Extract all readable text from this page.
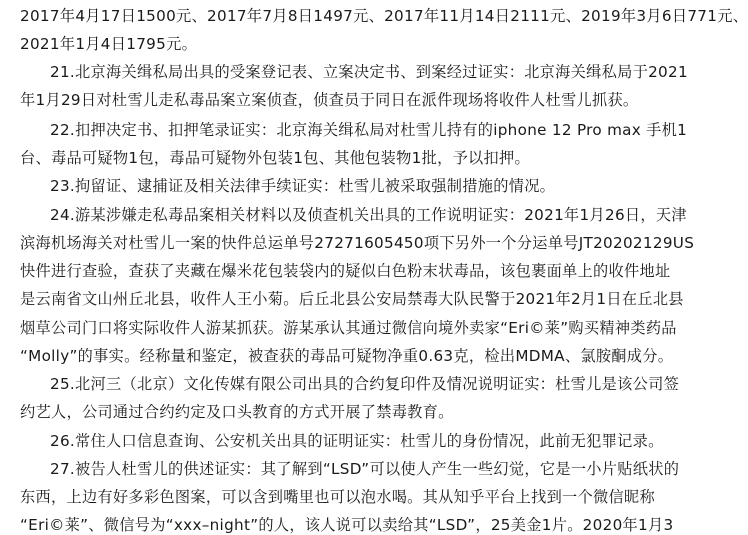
2017年4月17日1500元、2017年7月8日1497元、2017年11月14日2111元、2019年3月6日771元、
2021年1月4日1795元。
21.北京海关缉私局出具的受案登记表、立案决定书、到案经过证实：北京海关缉私局于2021
年1月29日对杜雪儿走私毒品案立案侦查，侦查员于同日在派件现场将收件人杜雪儿抓获。
22.扣押决定书、扣押笔录证实：北京海关缉私局对杜雪儿持有的iphone 12 Pro max 手机1
台、毒品可疑物1包，毒品可疑物外包装1包、其他包装物1批，予以扣押。
23.拘留证、逮捕证及相关法律手续证实：杜雪儿被采取强制措施的情况。
24.游某涉嫌走私毒品案相关材料以及侦查机关出具的工作说明证实：2021年1月26日，天津
滨海机场海关对杜雪儿一案的快件总运单号27271605450项下另外一个分运单号JT20202129US
快件进行查验，查获了夹藏在爆米花包装袋内的疑似白色粉末状毒品，该包裹面单上的收件地址
是云南省文山州丘北县，收件人王小菊。后丘北县公安局禁毒大队民警于2021年2月1日在丘北县
烟草公司门口将实际收件人游某抓获。游某承认其通过微信向境外卖家“Eri©莱”购买精神类药品
“Molly”的事实。经称量和鉴定，被查获的毒品可疑物净重0.63克，检出MDMA、氯胺酮成分。
25.北河三（北京）文化传媒有限公司出具的合约复印件及情况说明证实：杜雪儿是该公司签
约艺人，公司通过合约约定及口头教育的方式开展了禁毒教育。
26.常住人口信息查询、公安机关出具的证明证实：杜雪儿的身份情况，此前无犯罪记录。
27.被告人杜雪儿的供述证实：其了解到“LSD”可以使人产生一些幻觉，它是一小片贴纸状的
东西，上边有好多彩色图案，可以含到嘴里也可以泡水喝。其从知乎平台上找到一个微信昵称
“Eri©莱”、微信号为“xxx–night”的人，该人说可以卖给其“LSD”，25美金1片。2020年1月3
